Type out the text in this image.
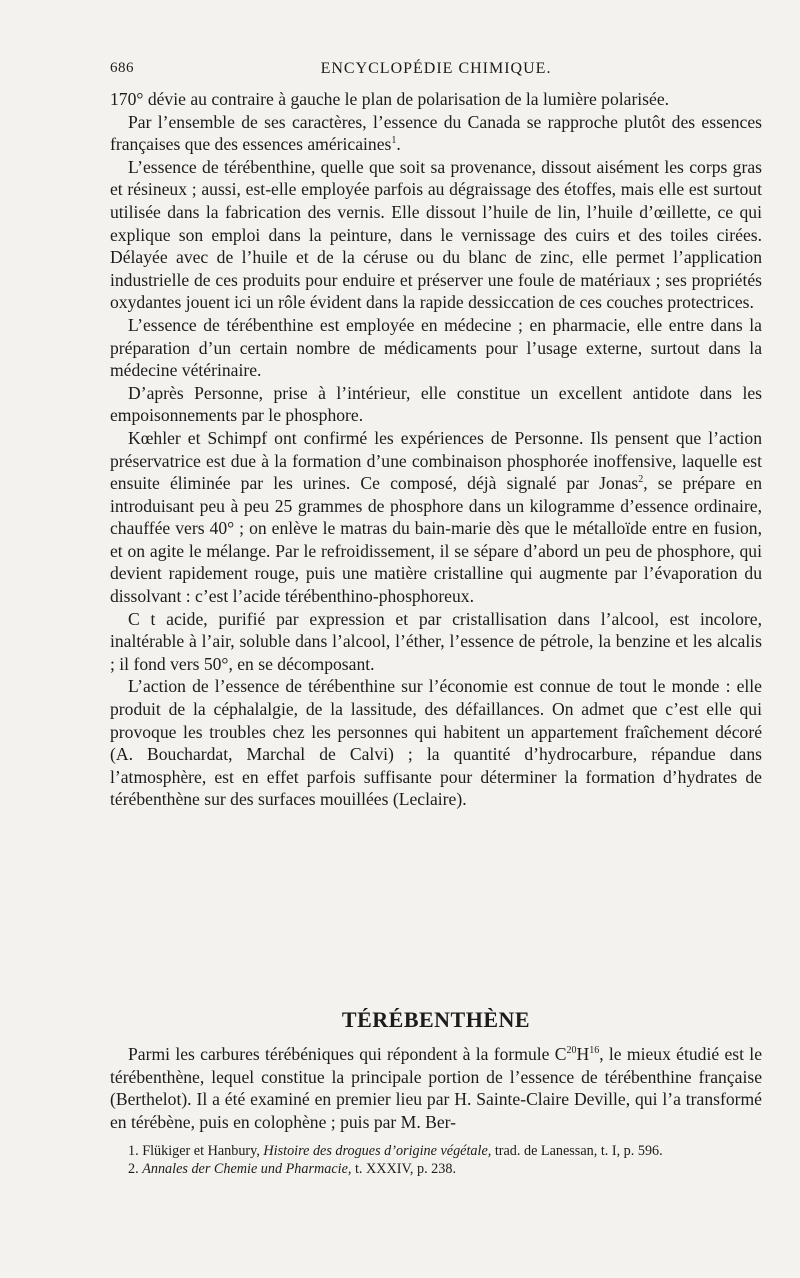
686	ENCYCLOPÉDIE CHIMIQUE.

170° dévie au contraire à gauche le plan de polarisation de la lumière polarisée.

Par l’ensemble de ses caractères, l’essence du Canada se rapproche plutôt des essences françaises que des essences américaines$^1$.

L’essence de térébenthine, quelle que soit sa provenance, dissout aisément les corps gras et résineux ; aussi, est-elle employée parfois au dégraissage des étoffes, mais elle est surtout utilisée dans la fabrication des vernis. Elle dissout l’huile de lin, l’huile d’œillette, ce qui explique son emploi dans la peinture, dans le vernissage des cuirs et des toiles cirées. Délayée avec de l’huile et de la céruse ou du blanc de zinc, elle permet l’application industrielle de ces produits pour enduire et préserver une foule de matériaux ; ses propriétés oxydantes jouent ici un rôle évident dans la rapide dessiccation de ces couches protectrices.

L’essence de térébenthine est employée en médecine ; en pharmacie, elle entre dans la préparation d’un certain nombre de médicaments pour l’usage externe, surtout dans la médecine vétérinaire.

D’après Personne, prise à l’intérieur, elle constitue un excellent antidote dans les empoisonnements par le phosphore.

Kœhler et Schimpf ont confirmé les expériences de Personne. Ils pensent que l’action préservatrice est due à la formation d’une combinaison phosphorée inoffensive, laquelle est ensuite éliminée par les urines. Ce composé, déjà signalé par Jonas$^2$, se prépare en introduisant peu à peu 25 grammes de phosphore dans un kilogramme d’essence ordinaire, chauffée vers 40° ; on enlève le matras du bain-marie dès que le métalloïde entre en fusion, et on agite le mélange. Par le refroidissement, il se sépare d’abord un peu de phosphore, qui devient rapidement rouge, puis une matière cristalline qui augmente par l’évaporation du dissolvant : c’est l’acide térébenthino-phosphoreux.

C t acide, purifié par expression et par cristallisation dans l’alcool, est incolore, inaltérable à l’air, soluble dans l’alcool, l’éther, l’essence de pétrole, la benzine et les alcalis ; il fond vers 50°, en se décomposant.

L’action de l’essence de térébenthine sur l’économie est connue de tout le monde : elle produit de la céphalalgie, de la lassitude, des défaillances. On admet que c’est elle qui provoque les troubles chez les personnes qui habitent un appartement fraîchement décoré (A. Bouchardat, Marchal de Calvi) ; la quantité d’hydrocarbure, répandue dans l’atmosphère, est en effet parfois suffisante pour déterminer la formation d’hydrates de térébenthène sur des surfaces mouillées (Leclaire).

TÉRÉBENTHÈNE

Parmi les carbures térébéniques qui répondent à la formule $C^{20}H^{16}$, le mieux étudié est le térébenthène, lequel constitue la principale portion de l’essence de térébenthine française (Berthelot). Il a été examiné en premier lieu par H. Sainte-Claire Deville, qui l’a transformé en térébène, puis en colophène ; puis par M. Ber-

1. Flükiger et Hanbury, Histoire des drogues d’origine végétale, trad. de Lanessan, t. I, p. 596.

2. Annales der Chemie und Pharmacie, t. XXXIV, p. 238.
